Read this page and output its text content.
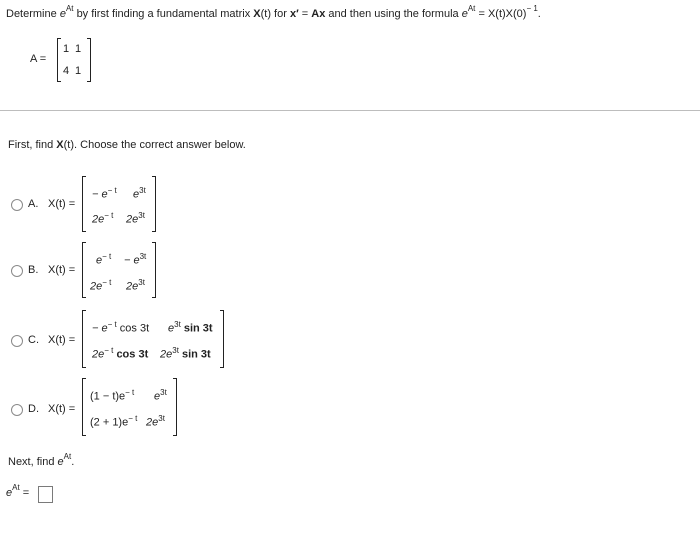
Determine $e^{At}$ by first finding a fundamental matrix X(t) for x′ = Ax and then using the formula $e^{At} = X(t)X(0)^{- 1}$.
A =
1 1
4 1
First, find X(t). Choose the correct answer below.
A. X(t) =
− $e^{- t}$ $e^{3t}$
$2e^{- t}$ $2e^{3t}$
B. X(t) =
$e^{- t} - e^{3t}$
$2e^{- t}$ $2e^{3t}$
C. X(t) =
− $e^{- t}$ cos 3t $e^{3t}$ sin 3t
$2e^{- t}$ cos 3t $2e^{3t}$ sin 3t
D. X(t) =
$(1 - t)e^{- t}$ $e^{3t}$
$(2 + 1)e^{- t}$ $2e^{3t}$
Next, find $e^{At}$.
$e^{At}$ =
